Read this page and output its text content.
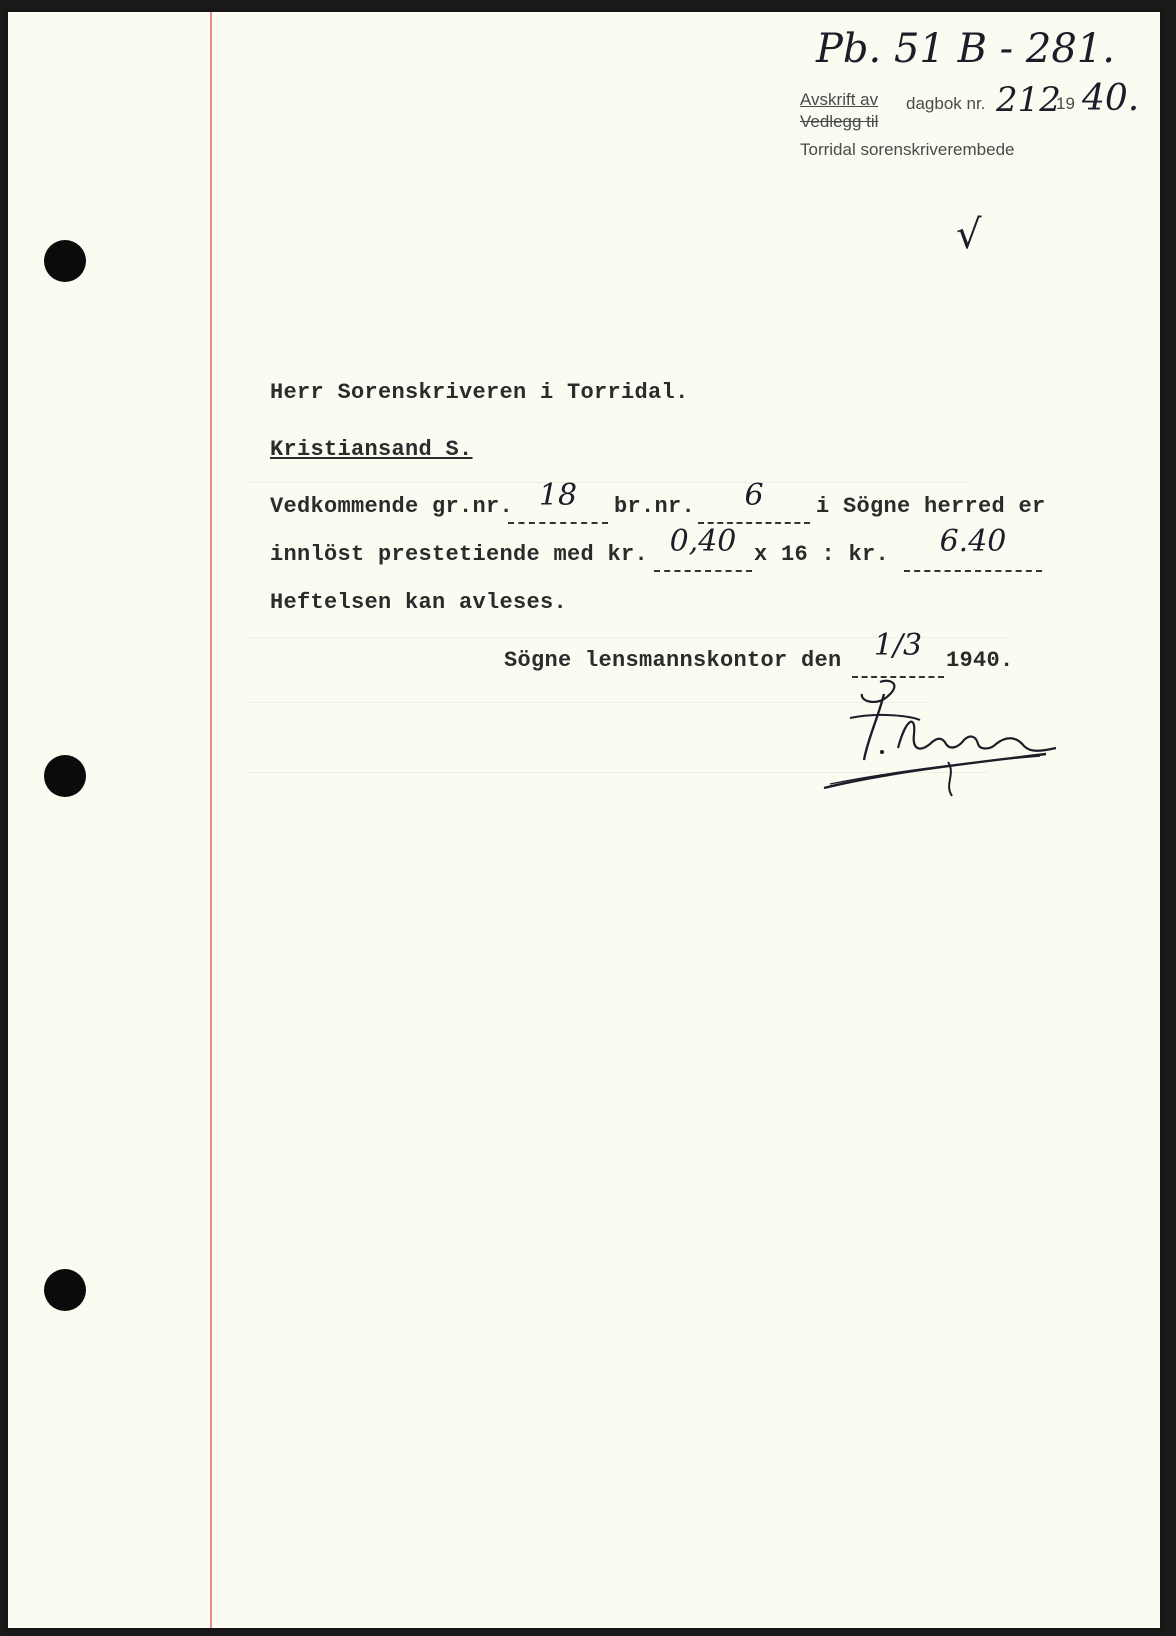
Pb. 51 B - 281.
Avskrift av
Vedlegg til
dagbok nr. 212
19 40.
Torridal sorenskriverembede
√
Herr Sorenskriveren i Torridal.
Kristiansand S.
Vedkommende gr.nr. 18	br.nr.	6	i Sögne herred er
innlöst prestetiende med kr. 0,40 x 16 : kr.	6.40
Heftelsen kan avleses.
Sögne lensmannskontor den	1/3	1940.
